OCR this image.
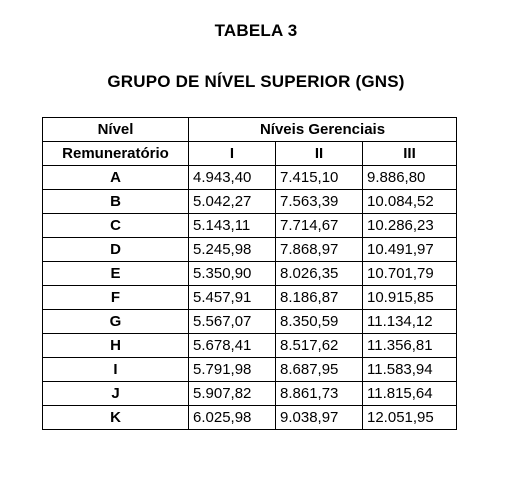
TABELA 3
GRUPO DE NÍVEL SUPERIOR (GNS)
Nível	Níveis Gerenciais		
Remuneratório	I	II	III
A	4.943,40	7.415,10	9.886,80
B	5.042,27	7.563,39	10.084,52
C	5.143,11	7.714,67	10.286,23
D	5.245,98	7.868,97	10.491,97
E	5.350,90	8.026,35	10.701,79
F	5.457,91	8.186,87	10.915,85
G	5.567,07	8.350,59	11.134,12
H	5.678,41	8.517,62	11.356,81
I	5.791,98	8.687,95	11.583,94
J	5.907,82	8.861,73	11.815,64
K	6.025,98	9.038,97	12.051,95
